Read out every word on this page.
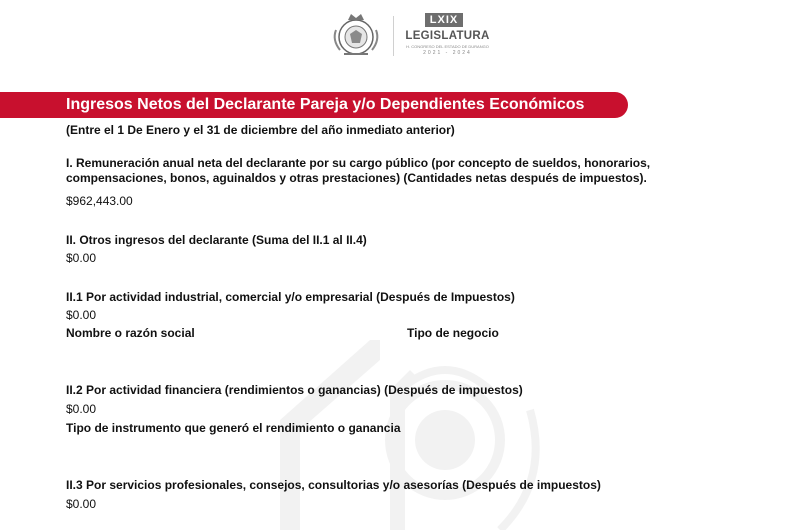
LXIX
LEGISLATURA
H. CONGRESO DEL ESTADO DE DURANGO
2021 - 2024
Ingresos Netos del Declarante Pareja y/o Dependientes Económicos
(Entre el 1 De Enero y el 31 de diciembre del año inmediato anterior)
I. Remuneración anual neta del declarante por su cargo público (por concepto de sueldos, honorarios,
compensaciones, bonos, aguinaldos y otras prestaciones) (Cantidades netas después de impuestos).
$962,443.00
II. Otros ingresos del declarante (Suma del II.1 al II.4)
$0.00
II.1 Por actividad industrial, comercial y/o empresarial (Después de Impuestos)
$0.00
Nombre o razón social	Tipo de negocio
II.2 Por actividad financiera (rendimientos o ganancias) (Después de impuestos)
$0.00
Tipo de instrumento que generó el rendimiento o ganancia
II.3 Por servicios profesionales, consejos, consultorias y/o asesorías (Después de impuestos)
$0.00
